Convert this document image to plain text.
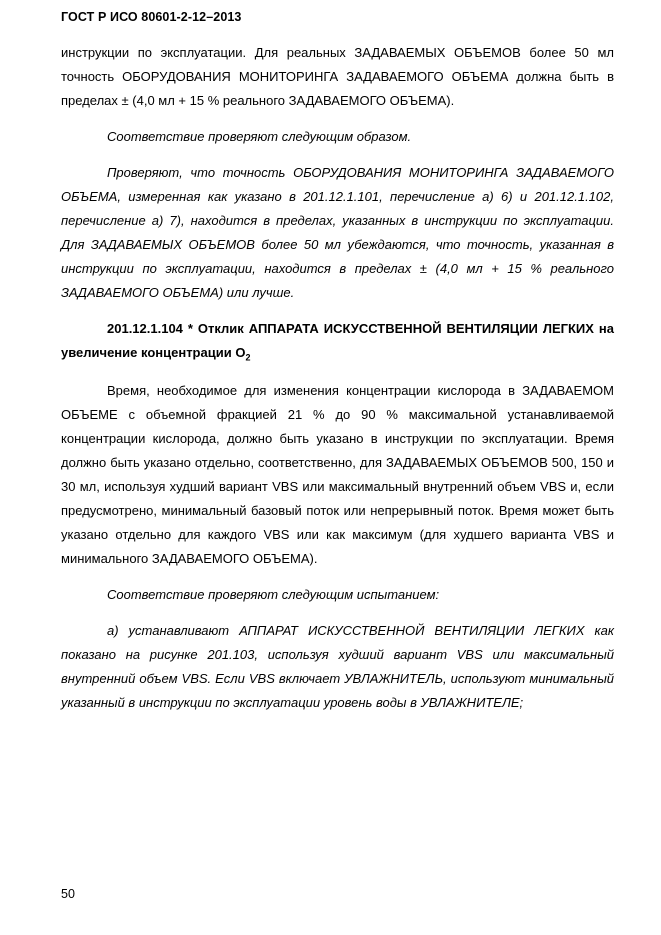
ГОСТ Р ИСО 80601-2-12–2013

инструкции по эксплуатации. Для реальных ЗАДАВАЕМЫХ ОБЪЕМОВ более 50 мл точность ОБОРУДОВАНИЯ МОНИТОРИНГА ЗАДАВАЕМОГО ОБЪЕМА должна быть в пределах ± (4,0 мл + 15 % реального ЗАДАВАЕМОГО ОБЪЕМА).

Соответствие проверяют следующим образом.

Проверяют, что точность ОБОРУДОВАНИЯ МОНИТОРИНГА ЗАДАВАЕМОГО ОБЪЕМА, измеренная как указано в 201.12.1.101, перечисление а) 6) и 201.12.1.102, перечисление а) 7), находится в пределах, указанных в инструкции по эксплуатации. Для ЗАДАВАЕМЫХ ОБЪЕМОВ более 50 мл убеждаются, что точность, указанная в инструкции по эксплуатации, находится в пределах ± (4,0 мл + 15 % реального ЗАДАВАЕМОГО ОБЪЕМА) или лучше.

201.12.1.104 * Отклик АППАРАТА ИСКУССТВЕННОЙ ВЕНТИЛЯЦИИ ЛЕГКИХ на увеличение концентрации $O_2$

Время, необходимое для изменения концентрации кислорода в ЗАДАВАЕМОМ ОБЪЕМЕ с объемной фракцией 21 % до 90 % максимальной устанавливаемой концентрации кислорода, должно быть указано в инструкции по эксплуатации. Время должно быть указано отдельно, соответственно, для ЗАДАВАЕМЫХ ОБЪЕМОВ 500, 150 и 30 мл, используя худший вариант VBS или максимальный внутренний объем VBS и, если предусмотрено, минимальный базовый поток или непрерывный поток. Время может быть указано отдельно для каждого VBS или как максимум (для худшего варианта VBS и минимального ЗАДАВАЕМОГО ОБЪЕМА).

Соответствие проверяют следующим испытанием:

а) устанавливают АППАРАТ ИСКУССТВЕННОЙ ВЕНТИЛЯЦИИ ЛЕГКИХ как показано на рисунке 201.103, используя худший вариант VBS или максимальный внутренний объем VBS. Если VBS включает УВЛАЖНИТЕЛЬ, используют минимальный указанный в инструкции по эксплуатации уровень воды в УВЛАЖНИТЕЛЕ;

50
